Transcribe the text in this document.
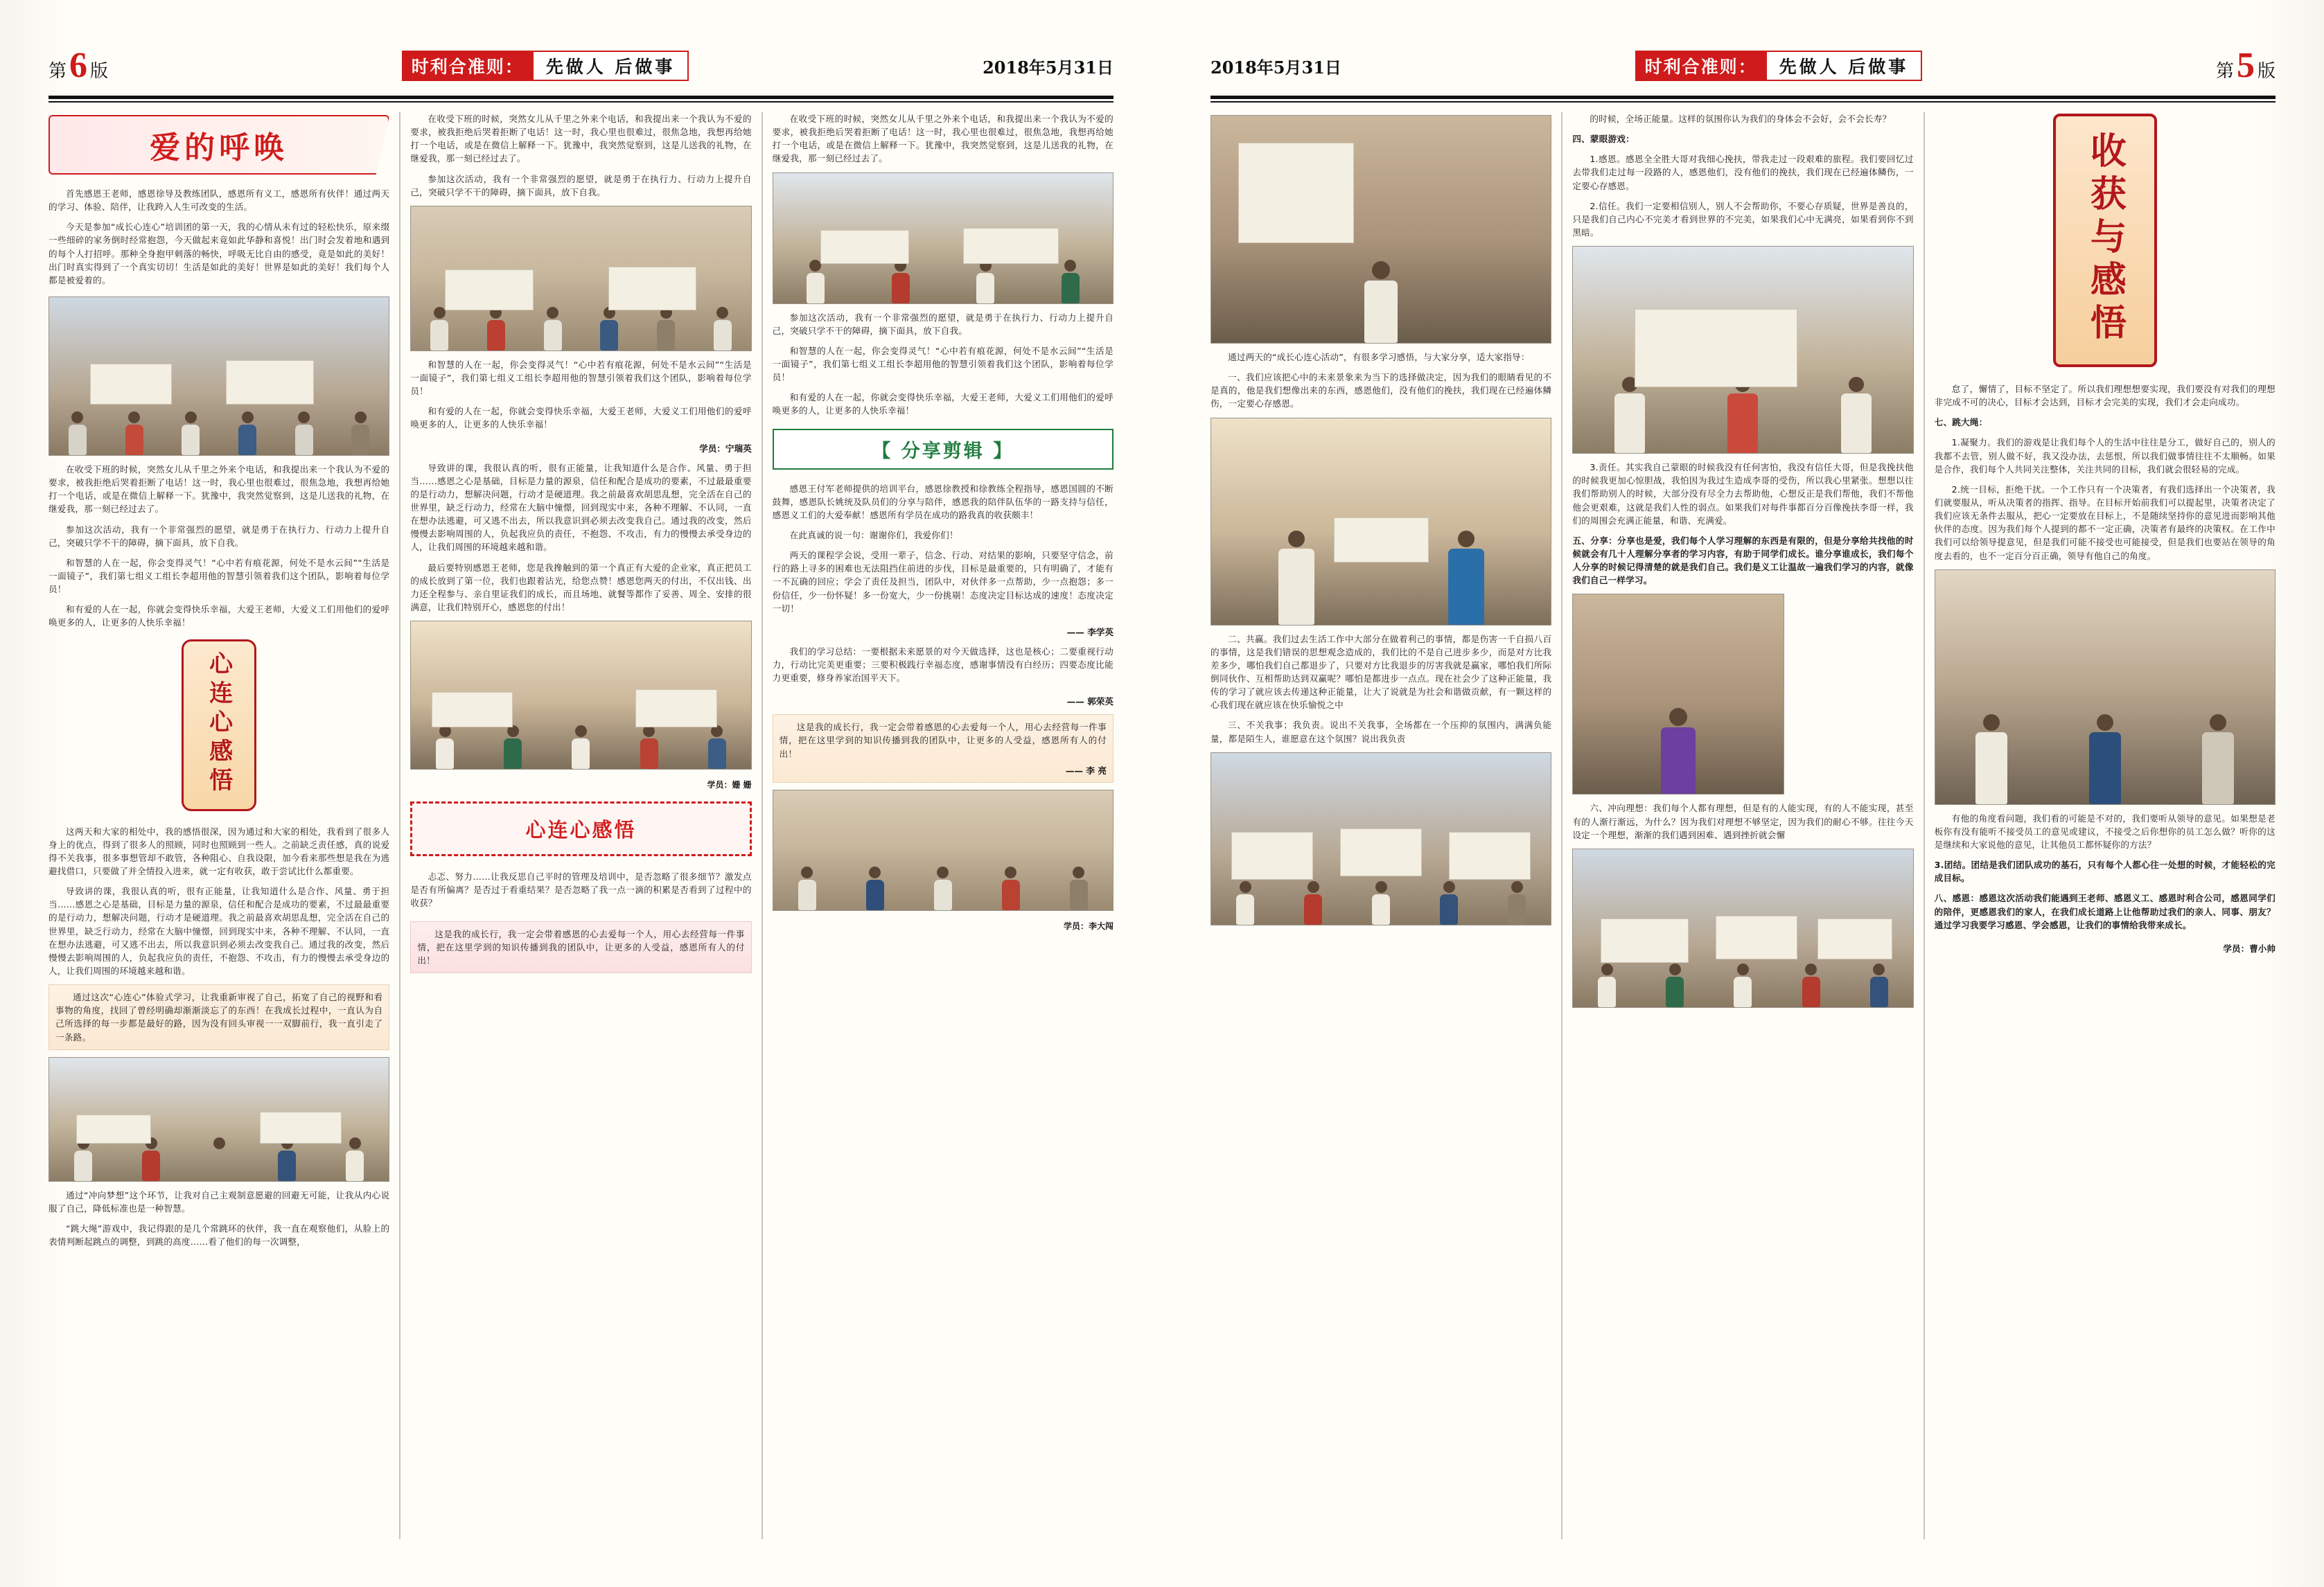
第 6 版	时利合准则：	先做人 后做事	2018年5月31日
爱的呼唤
首先感恩王老师，感恩徐导及教练团队，感恩所有义工，感恩所有伙伴！通过两天的学习、体验、陪伴，让我跨入人生可改变的生活。
今天是参加“成长心连心”培训团的第一天，我的心情从未有过的轻松快乐，原来缀一些细碎的家务倒时经常抱怨，今天做起来竟如此华静和喜悦！出门时会发着地和遇到的每个人打招呼。那种全身抱甲刺落的畅快，呼吸无比自由的感受，竟是如此的美好！出门时真实得到了一个真实切切！生活是如此的美好！世界是如此的美好！我们每个人都是被爱着的。
在收受下班的时候，突然女儿从千里之外来个电话，和我提出来一个我认为不爱的要求，被我拒绝后哭着拒断了电话！这一时，我心里也很难过，很焦急地，我想再给她打一个电话，或是在微信上解释一下。犹豫中，我突然觉察到，这是儿送我的礼物，在继爱我，那一刻已经过去了。
参加这次活动，我有一个非常强烈的愿望，就是勇于在执行力、行动力上提升自己，突破只学不干的障碍，摘下面具，放下自我。
和智慧的人在一起，你会变得灵气！“心中若有痕花源，何处不是水云间”“生活是一面镜子”，我们第七组义工组长李超用他的智慧引领着我们这个团队，影响着每位学员！
和有爱的人在一起，你就会变得快乐幸福，大爱王老师，大爱义工们用他们的爱呼唤更多的人，让更多的人快乐幸福！
心连心感悟
这两天和大家的相处中，我的感悟很深，因为通过和大家的相处，我看到了很多人身上的优点，得到了很多人的照顾，同时也照顾到一些人。之前缺乏责任感，真的说爱得不关我事，很多事想管却不敢管，各种阻心、自我设限，加今看来那些想是我在为逃避找借口，只要做了并全情投入进来，就一定有收获，敢于尝试比什么都重要。
导致讲的课，我很认真的听，很有正能量，让我知道什么是合作、风量、勇于担当……感恩之心是基础，目标是力量的源泉，信任和配合是成功的要素，不过最最重要的是行动力，想解决问题，行动才是硬道理。我之前最喜欢胡思乱想，完全活在自己的世界里，缺乏行动力，经常在大脑中憧憬，回到现实中来，各种不理解、不认同，一直在想办法逃避，可又逃不出去，所以我意识到必须去改变我自己。通过我的改变，然后慢慢去影响周围的人，负起我应负的责任，不抱怨、不攻击，有力的慢慢去承受身边的人，让我们周围的环境越来越和谐。
通过这次“心连心”体验式学习，让我重新审视了自己，拓宽了自己的视野和看事物的角度，找回了曾经明确却渐渐淡忘了的东西！在我成长过程中，一直认为自己所选择的每一步都是最好的路，因为没有回头审视一一双脚前行，我一直引走了一条路。
通过“冲向梦想”这个环节，让我对自己主观制意愿避的回避无可能，让我从内心说服了自己，降低标准也是一种智慧。
“跳大绳”游戏中，我记得跟的是几个常跳环的伙伴，我一直在观察他们，从脸上的表情判断起跳点的调整，到跳的高度……看了他们的每一次调整，
在收受下班的时候，突然女儿从千里之外来个电话，和我提出来一个我认为不爱的要求，被我拒绝后哭着拒断了电话！这一时，我心里也很难过，很焦急地，我想再给她打一个电话，或是在微信上解释一下。犹豫中，我突然觉察到，这是儿送我的礼物，在继爱我，那一刻已经过去了。
参加这次活动，我有一个非常强烈的愿望，就是勇于在执行力、行动力上提升自己，突破只学不干的障碍，摘下面具，放下自我。
和智慧的人在一起，你会变得灵气！“心中若有痕花源，何处不是水云间”“生活是一面镜子”，我们第七组义工组长李超用他的智慧引领着我们这个团队，影响着每位学员！
和有爱的人在一起，你就会变得快乐幸福，大爱王老师，大爱义工们用他们的爱呼唤更多的人，让更多的人快乐幸福！
学员：宁瑞英
导致讲的课，我很认真的听，很有正能量，让我知道什么是合作、风量、勇于担当……感恩之心是基础，目标是力量的源泉，信任和配合是成功的要素，不过最最重要的是行动力，想解决问题，行动才是硬道理。我之前最喜欢胡思乱想，完全活在自己的世界里，缺乏行动力，经常在大脑中憧憬，回到现实中来，各种不理解、不认同，一直在想办法逃避，可又逃不出去，所以我意识到必须去改变我自己。通过我的改变，然后慢慢去影响周围的人，负起我应负的责任，不抱怨、不攻击，有力的慢慢去承受身边的人，让我们周围的环境越来越和谐。
最后要特别感恩王老师，您是我搀触到的第一个真正有大爱的企业家，真正把员工的成长放到了第一位，我们也跟着沾光，给您点赞！感恩您两天的付出，不仅出钱、出力还全程参与、亲自里证我们的成长，而且场地、就餐等都作了妥善、周全、安排的很满意，让我们特别开心，感恩您的付出！
学员：姗 姗
心连心感悟
忐忑、努力……让我反思自己平时的管理及培训中，是否忽略了很多细节？激发点是否有所偏离？是否过于看重结果？是否忽略了我一点一滴的积累是否看到了过程中的收获？
这是我的成长行，我一定会带着感恩的心去爱每一个人，用心去经营每一件事情，把在这里学到的知识传播到我的团队中，让更多的人受益，感恩所有人的付出！
在收受下班的时候，突然女儿从千里之外来个电话，和我提出来一个我认为不爱的要求，被我拒绝后哭着拒断了电话！这一时，我心里也很难过，很焦急地，我想再给她打一个电话，或是在微信上解释一下。犹豫中，我突然觉察到，这是儿送我的礼物，在继爱我，那一刻已经过去了。
参加这次活动，我有一个非常强烈的愿望，就是勇于在执行力、行动力上提升自己，突破只学不干的障碍，摘下面具，放下自我。
和智慧的人在一起，你会变得灵气！“心中若有痕花源，何处不是水云间”“生活是一面镜子”，我们第七组义工组长李超用他的智慧引领着我们这个团队，影响着每位学员！
和有爱的人在一起，你就会变得快乐幸福，大爱王老师，大爱义工们用他们的爱呼唤更多的人，让更多的人快乐幸福！
【 分享剪辑 】
感恩王付军老师提供的培训平台，感恩徐教授和徐教练全程指导，感恩国圆的不断鼓舞，感恩队长姚统及队员们的分享与陪伴，感恩我的陪伴队伍华的一路支持与信任，感恩义工们的大爱奉献！感恩所有学员在成功的路我真的收获颇丰！
在此真诚的说一句：谢谢你们，我爱你们！
两天的课程学会说，受用一辈子，信念、行动、对结果的影响，只要坚守信念，前行的路上寻多的困难也无法阻挡住前进的步伐，目标是最重要的，只有明确了，才能有一不瓦确的回应；学会了责任及担当，团队中，对伙伴多一点帮助，少一点抱怨；多一份信任，少一份怀疑！多一份宽大，少一份挑剔！态度决定目标达成的速度！态度决定一切！
—— 李学英
我们的学习总结：一要根据未来愿景的对今天做选择，这也是核心；二要重视行动力，行动比完美更重要；三要积极践行幸福态度，感谢事情没有白经历；四要态度比能力更重要，修身养家治国平天下。
—— 郭荣英
这是我的成长行，我一定会带着感恩的心去爱每一个人，用心去经营每一件事情，把在这里学到的知识传播到我的团队中，让更多的人受益，感恩所有人的付出！
—— 李 亮
学员：李大闯
2018年5月31日	时利合准则：	先做人 后做事	第 5 版
通过两天的“成长心连心活动”，有很多学习感悟，与大家分享，适大家指导：
一、我们应该把心中的未来景象来为当下的选择做决定，因为我们的眼睛看见的不是真的，他是我们想像出来的东西，感恩他们，没有他们的挽扶，我们现在已经遍体鳞伤，一定要心存感恩。
二、共赢。我们过去生活工作中大部分在做着利己的事情，都是伤害一千自损八百的事情，这是我们错误的思想观念造成的，我们比的不是自己进步多少，而是对方比我差多少，哪怕我们自己都退步了，只要对方比我退步的厉害我就是赢家，哪怕我们所际倒同伙作、互相帮助达到双赢呢？哪怕是都进步一点点。现在社会少了这种正能量，我传的学习了就应该去传递这种正能量，让大了说就是为社会和谐做贡献，有一颗这样的心我们现在就应该在快乐愉悦之中
三、不关我事；我负责。说出不关我事，全场都在一个压抑的氛围内，满满负能量，都是陌生人，谁愿意在这个氛围？说出我负责
的时候，全场正能量。这样的氛围你认为我们的身体会不会好，会不会长寿？
四、蒙眼游戏：
1.感恩。感恩全全胜大哥对我细心挽扶，带我走过一段艰难的旅程。我们要回忆过去带我们走过每一段路的人，感恩他们，没有他们的挽扶，我们现在已经遍体鳞伤，一定要心存感恩。
2.信任。我们一定要相信别人，别人不会帮助你，不要心存质疑，世界是善良的，只是我们自己内心不完美才看到世界的不完美，如果我们心中无满亮，如果看到你不到黑暗。
3.责任。其实我自己蒙眼的时候我没有任何害怕，我没有信任大哥，但是我挽扶他的时候我更加心惊胆战，我怕因为我过生造成李哥的受伤，所以我心里紧张。想想以往我们帮助别人的时候，大部分没有尽全力去帮助他，心想反正是我们帮他，我们不帮他他会更艰难，这就是我们人性的弱点。如果我们对每件事都百分百像挽扶李哥一样，我们的周围会充满正能量，和谐、充满爱。
五、分享：分享也是爱，我们每个人学习理解的东西是有限的，但是分享给共找他的时候就会有几十人理解分享者的学习内容，有助于同学们成长。谁分享谁成长，我们每个人分享的时候记得清楚的就是我们自己。我们是义工让温故一遍我们学习的内容，就像我们自己一样学习。
六、冲向理想：我们每个人都有理想，但是有的人能实现，有的人不能实现，甚至有的人渐行渐远，为什么？因为我们对理想不够坚定，因为我们的耐心不够。往往今天设定一个理想，渐渐的我们遇到困难、遇到挫折就会懈
收获与感悟
怠了，懈情了，目标不坚定了。所以我们理想想要实现，我们要没有对我们的理想非完成不可的决心，目标才会达到，目标才会完美的实现，我们才会走向成功。
七、跳大绳：
1.凝聚力。我们的游戏是让我们每个人的生活中往往是分工，做好自己的，别人的我都不去管，别人做不好，我又没办法，去惩恨，所以我们做事情往往不太顺畅。如果是合作，我们每个人共同关注整体，关注共同的目标，我们就会很轻易的完成。
2.统一目标，拒绝干扰。一个工作只有一个决策者，有我们选择出一个决策者，我们就要服从，听从决策者的指挥、指导。在目标开始前我们可以提起里，决策者决定了我们应该无条件去服从，把心一定要放在目标上，不是随续坚持你的意见进而影响其他伙伴的态度。因为我们每个人提到的都不一定正确，决策者有最终的决策权。在工作中我们可以给领导提意见，但是我们可能不接受也可能接受，但是我们也要站在领导的角度去看的，也不一定百分百正确，领导有他自己的角度。
有他的角度看问题，我们看的可能是不对的，我们要听从领导的意见。如果想是老板你有没有能听不接受员工的意见或建议，不接受之后你想你的员工怎么做？听你的这是继续和大家说他的意见，让其他员工都怀疑你的方法？
3.团结。团结是我们团队成功的基石，只有每个人都心往一处想的时候，才能轻松的完成目标。
八、感恩：感恩这次活动我们能遇到王老师、感恩义工、感恩时利合公司，感恩同学们的陪伴，更感恩我们的家人，在我们成长道路上让他帮助过我们的亲人、同事、朋友？通过学习我要学习感恩、学会感恩，让我们的事情给我带来成长。
学员：曹小帅
